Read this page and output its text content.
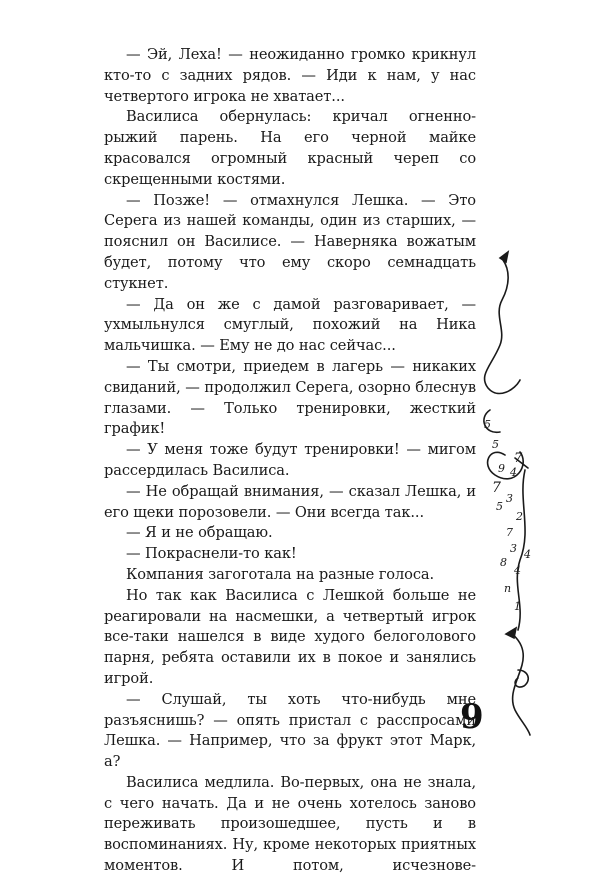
— Эй, Леха! — неожиданно громко крикнул кто-то с задних рядов. — Иди к нам, у нас четвертого игрока не хватает...

Василиса обернулась: кричал огненно-рыжий парень. На его черной майке красовался огромный красный череп со скрещенными костями.

— Позже! — отмахнулся Лешка. — Это Серега из нашей команды, один из старших, — пояснил он Василисе. — Наверняка вожатым будет, потому что ему скоро семнадцать стукнет.

— Да он же с дамой разговаривает, — ухмыльнулся смуглый, похожий на Ника мальчишка. — Ему не до нас сейчас...

— Ты смотри, приедем в лагерь — никаких свиданий, — продолжил Серега, озорно блеснув глазами. — Только тренировки, жесткий график!

— У меня тоже будут тренировки! — мигом рассердилась Василиса.

— Не обращай внимания, — сказал Лешка, и его щеки порозовели. — Они всегда так...

— Я и не обращаю.

— Покраснели-то как!

Компания загоготала на разные голоса.

Но так как Василиса с Лешкой больше не реагировали на насмешки, а четвертый игрок все-таки нашелся в виде худого белоголового парня, ребята оставили их в покое и занялись игрой.

— Слушай, ты хоть что-нибудь мне разъяснишь? — опять пристал с расспросами Лешка. — Например, что за фрукт этот Марк, а?

Василиса медлила. Во-первых, она не знала, с чего начать. Да и не очень хотелось заново переживать произошедшее, пусть и в воспоминаниях. Ну, кроме некоторых приятных моментов. И потом, исчезнове-

5
5
7
9 4
7
3
5
2
7
3 4
8
4
n
1
9
